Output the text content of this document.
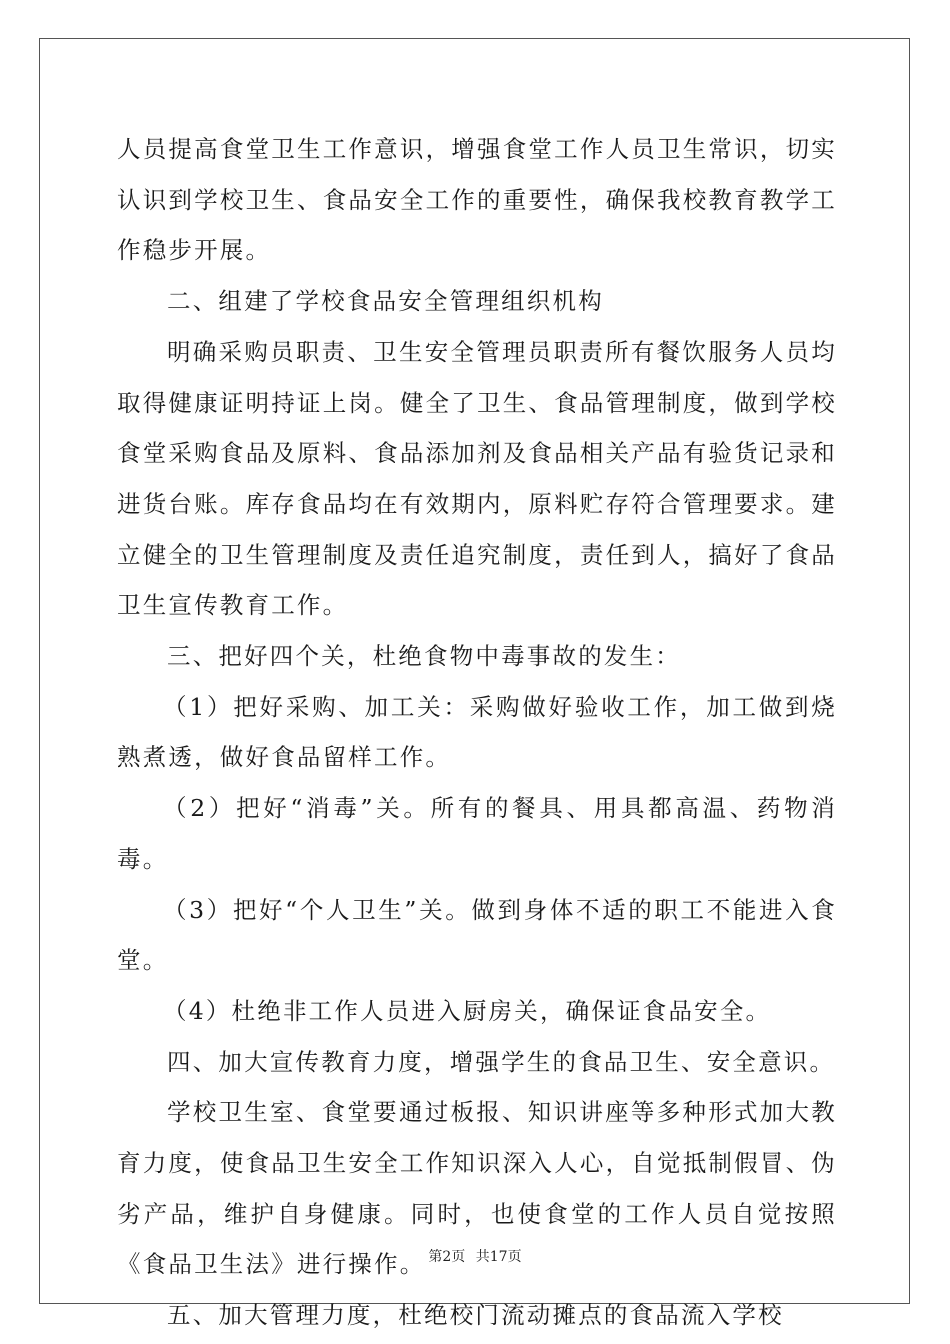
人员提高食堂卫生工作意识，增强食堂工作人员卫生常识，切实认识到学校卫生、食品安全工作的重要性，确保我校教育教学工作稳步开展。

二、组建了学校食品安全管理组织机构

明确采购员职责、卫生安全管理员职责所有餐饮服务人员均取得健康证明持证上岗。健全了卫生、食品管理制度，做到学校食堂采购食品及原料、食品添加剂及食品相关产品有验货记录和进货台账。库存食品均在有效期内，原料贮存符合管理要求。建立健全的卫生管理制度及责任追究制度，责任到人，搞好了食品卫生宣传教育工作。

三、把好四个关，杜绝食物中毒事故的发生：

（1）把好采购、加工关：采购做好验收工作，加工做到烧熟煮透，做好食品留样工作。

（2）把好“消毒”关。所有的餐具、用具都高温、药物消毒。

（3）把好“个人卫生”关。做到身体不适的职工不能进入食堂。

（4）杜绝非工作人员进入厨房关，确保证食品安全。

四、加大宣传教育力度，增强学生的食品卫生、安全意识。

学校卫生室、食堂要通过板报、知识讲座等多种形式加大教育力度，使食品卫生安全工作知识深入人心，自觉抵制假冒、伪劣产品，维护自身健康。同时，也使食堂的工作人员自觉按照《食品卫生法》进行操作。

五、加大管理力度，杜绝校门流动摊点的食品流入学校

第2页 共17页
